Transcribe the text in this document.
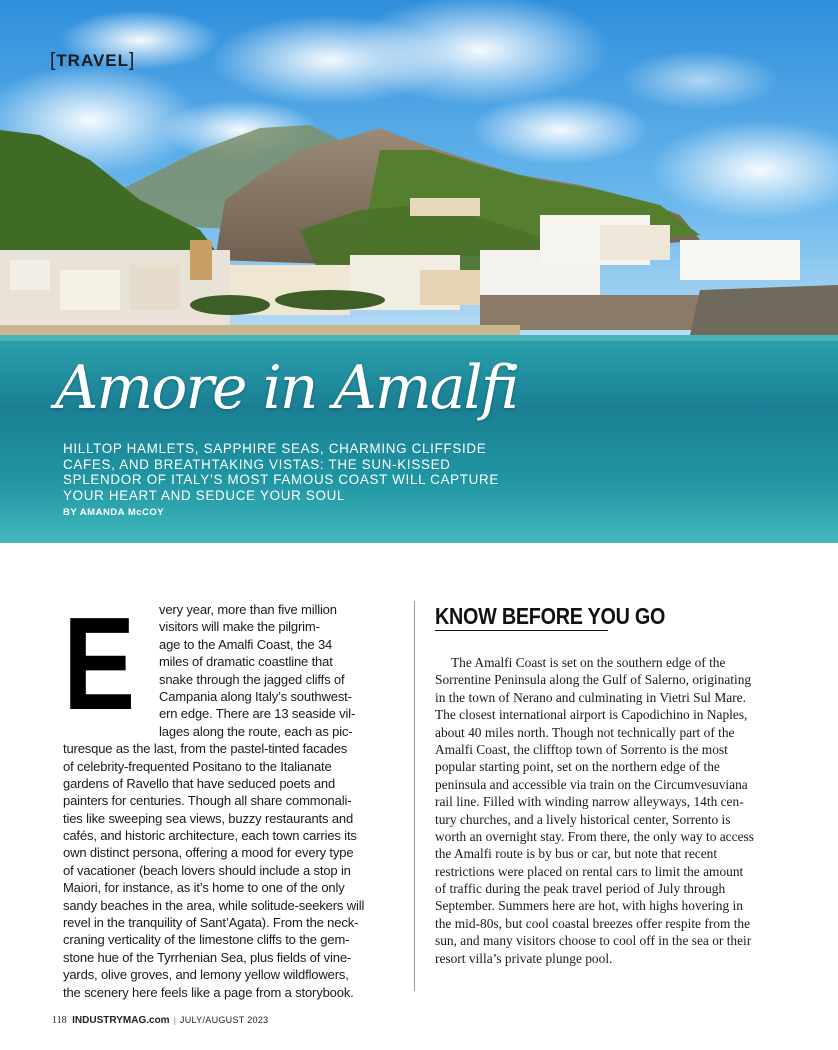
[TRAVEL]
Amore in Amalfi
HILLTOP HAMLETS, SAPPHIRE SEAS, CHARMING CLIFFSIDE CAFES, AND BREATHTAKING VISTAS: THE SUN-KISSED SPLENDOR OF ITALY’S MOST FAMOUS COAST WILL CAPTURE YOUR HEART AND SEDUCE YOUR SOUL
BY AMANDA McCOY
E	very year, more than five million
visitors will make the pilgrim-
age to the Amalfi Coast, the 34
miles of dramatic coastline that
snake through the jagged cliffs of
Campania along Italy’s southwest-
ern edge. There are 13 seaside vil-
lages along the route, each as pic-
turesque as the last, from the pastel-tinted facades
of celebrity-frequented Positano to the Italianate
gardens of Ravello that have seduced poets and
painters for centuries. Though all share commonali-
ties like sweeping sea views, buzzy restaurants and
cafés, and historic architecture, each town carries its
own distinct persona, offering a mood for every type
of vacationer (beach lovers should include a stop in
Maiori, for instance, as it’s home to one of the only
sandy beaches in the area, while solitude-seekers will
revel in the tranquility of Sant’Agata). From the neck-
craning verticality of the limestone cliffs to the gem-
stone hue of the Tyrrhenian Sea, plus fields of vine-
yards, olive groves, and lemony yellow wildflowers,
the scenery here feels like a page from a storybook.
KNOW BEFORE YOU GO
The Amalfi Coast is set on the southern edge of the
Sorrentine Peninsula along the Gulf of Salerno, originating
in the town of Nerano and culminating in Vietri Sul Mare.
The closest international airport is Capodichino in Naples,
about 40 miles north. Though not technically part of the
Amalfi Coast, the clifftop town of Sorrento is the most
popular starting point, set on the northern edge of the
peninsula and accessible via train on the Circumvesuviana
rail line. Filled with winding narrow alleyways, 14th cen-
tury churches, and a lively historical center, Sorrento is
worth an overnight stay. From there, the only way to access
the Amalfi route is by bus or car, but note that recent
restrictions were placed on rental cars to limit the amount
of traffic during the peak travel period of July through
September. Summers here are hot, with highs hovering in
the mid-80s, but cool coastal breezes offer respite from the
sun, and many visitors choose to cool off in the sea or their
resort villa’s private plunge pool.
118 INDUSTRYMAG.com | JULY/AUGUST 2023
